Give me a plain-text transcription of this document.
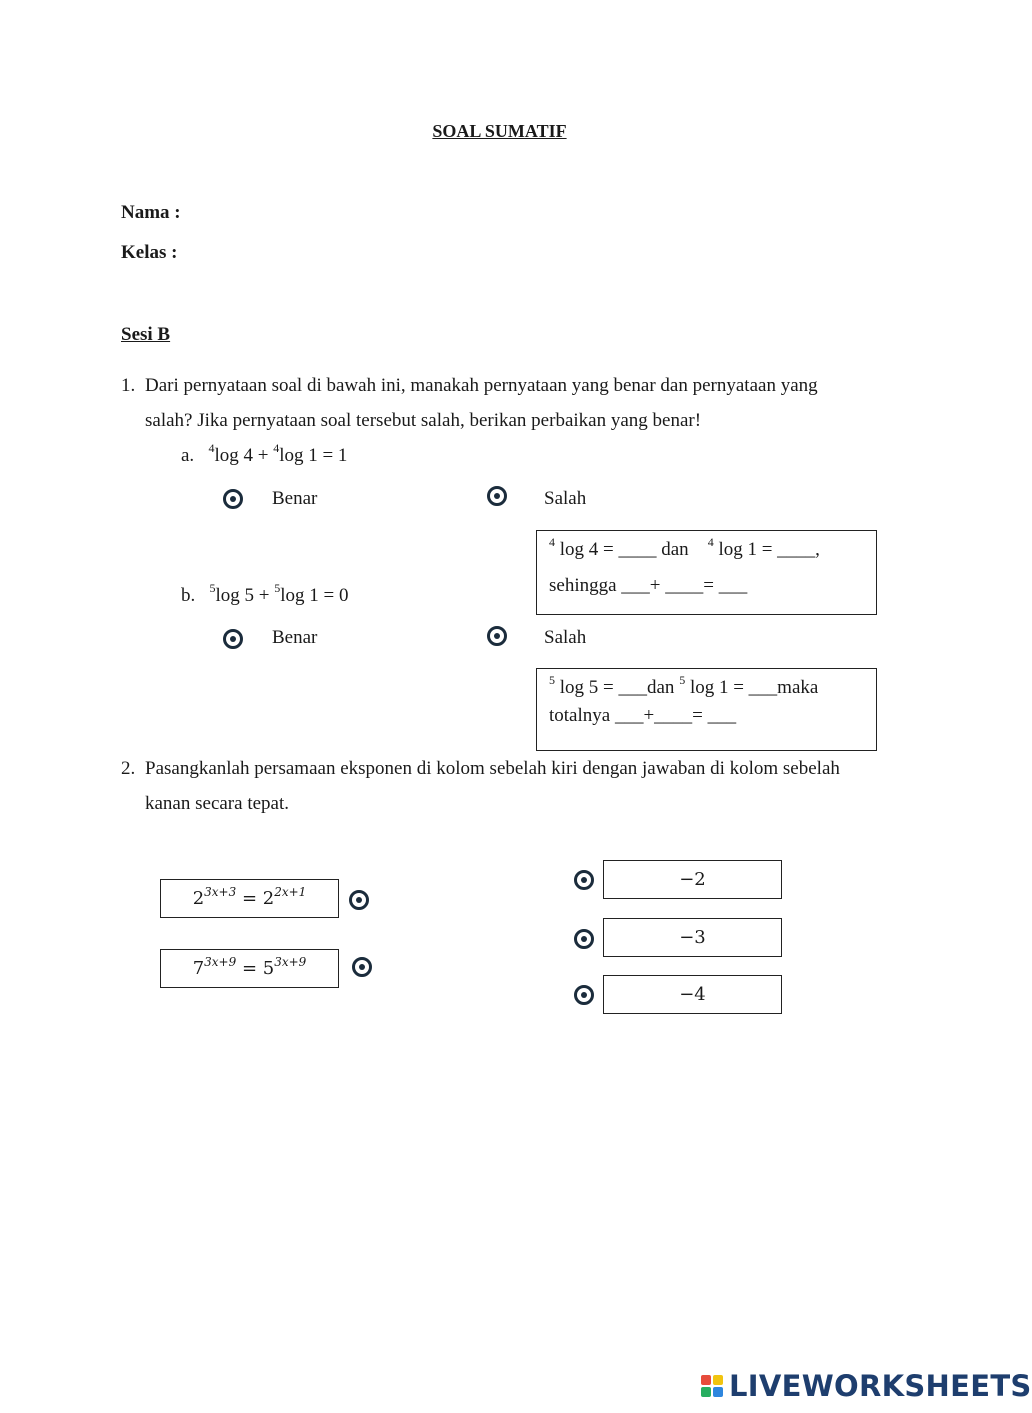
SOAL SUMATIF
Nama :
Kelas :
Sesi B
1. Dari pernyataan soal di bawah ini, manakah pernyataan yang benar dan pernyataan yang
salah? Jika pernyataan soal tersebut salah, berikan perbaikan yang benar!
a. $^4$log 4 + $^4$log 1 = 1
Benar	Salah
$^4$ log 4 = ____ dan $^4$ log 1 = ____,
sehingga ___+ ____= ___
b. $^5$log 5 + $^5$log 1 = 0
Benar	Salah
$^5$ log 5 = ___dan $^5$ log 1 = ___maka
totalnya ___+____= ___
2. Pasangkanlah persamaan eksponen di kolom sebelah kiri dengan jawaban di kolom sebelah
kanan secara tepat.
$2^{3x+3} = 2^{2x+1}$
$7^{3x+9} = 5^{3x+9}$
−2
−3
−4
LIVEWORKSHEETS
